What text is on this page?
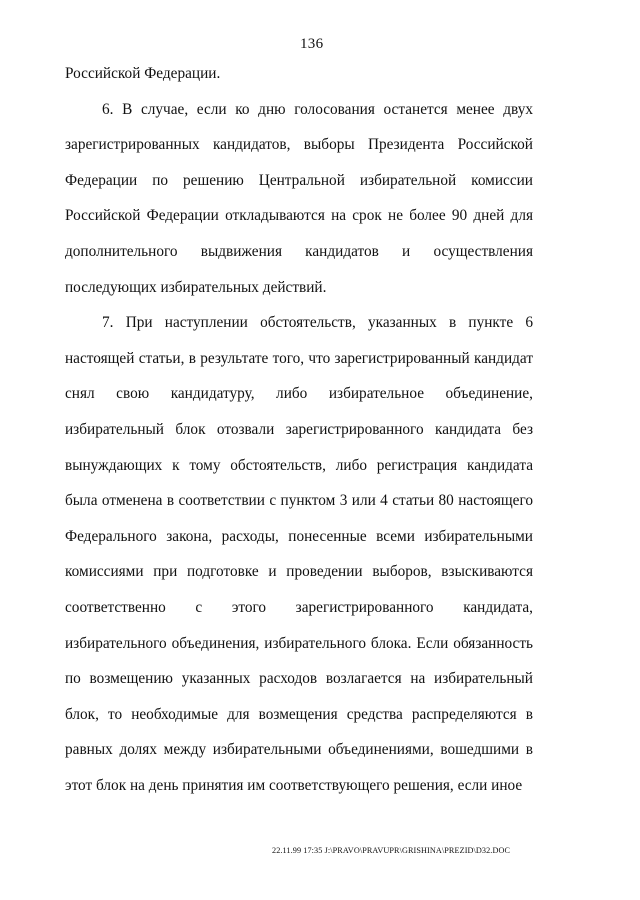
136

Российской Федерации.

6. В случае, если ко дню голосования останется менее двух зарегистрированных кандидатов, выборы Президента Российской Федерации по решению Центральной избирательной комиссии Российской Федерации откладываются на срок не более 90 дней для дополнительного выдвижения кандидатов и осуществления последующих избирательных действий.

7. При наступлении обстоятельств, указанных в пункте 6 настоящей статьи, в результате того, что зарегистрированный кандидат снял свою кандидатуру, либо избирательное объединение, избирательный блок отозвали зарегистрированного кандидата без вынуждающих к тому обстоятельств, либо регистрация кандидата была отменена в соответствии с пунктом 3 или 4 статьи 80 настоящего Федерального закона, расходы, понесенные всеми избирательными комиссиями при подготовке и проведении выборов, взыскиваются соответственно с этого зарегистрированного кандидата, избирательного объединения, избирательного блока. Если обязанность по возмещению указанных расходов возлагается на избирательный блок, то необходимые для возмещения средства распределяются в равных долях между избирательными объединениями, вошедшими в этот блок на день принятия им соответствующего решения, если иное

22.11.99 17:35 J:\PRAVO\PRAVUPR\GRISHINA\PREZID\D32.DOC
